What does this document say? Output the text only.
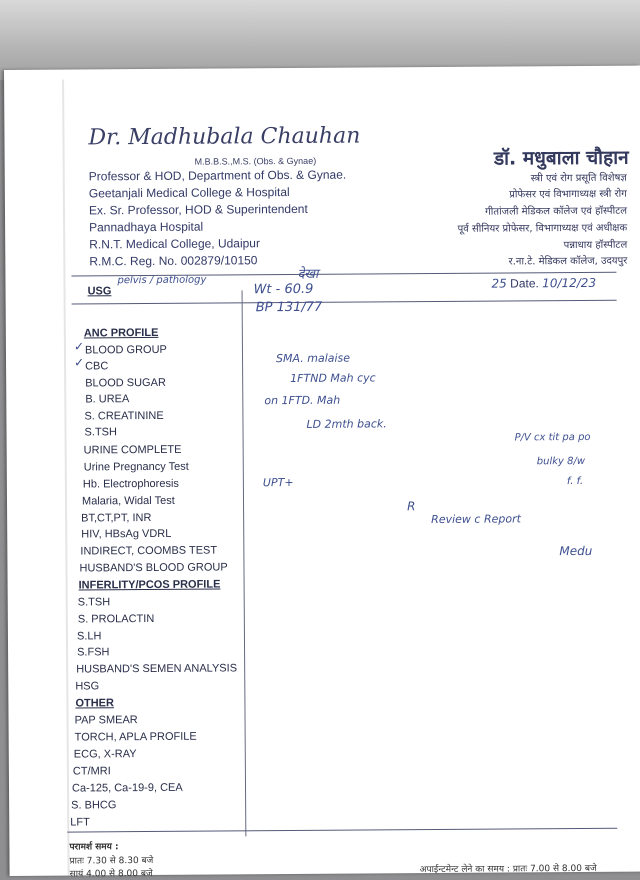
Dr. Madhubala Chauhan
M.B.B.S.,M.S. (Obs. & Gynae)
Professor & HOD, Department of Obs. & Gynae.
Geetanjali Medical College & Hospital
Ex. Sr. Professor, HOD & Superintendent
Pannadhaya Hospital
R.N.T. Medical College, Udaipur
R.M.C. Reg. No. 002879/10150
डॉ. मधुबाला चौहान
स्त्री एवं रोग प्रसूति विशेषज्ञ
प्रोफेसर एवं विभागाध्यक्ष स्त्री रोग
गीतांजली मेडिकल कॉलेज एवं हॉस्पीटल
पूर्व सीनियर प्रोफेसर, विभागाध्यक्ष एवं अधीक्षक
पन्नाधाय हॉस्पीटल
र.ना.टे. मेडिकल कॉलेज, उदयपुर
USG
pelvis / pathology	25 Date. 10/12/23
ANC PROFILE
✓ BLOOD GROUP
✓ CBC
BLOOD SUGAR
B. UREA
S. CREATININE
S.TSH
URINE COMPLETE
Urine Pregnancy Test
Hb. Electrophoresis
Malaria, Widal Test
BT,CT,PT, INR
HIV, HBsAg VDRL
INDIRECT, COOMBS TEST
HUSBAND'S BLOOD GROUP
INFERLITY/PCOS PROFILE
S.TSH
S. PROLACTIN
S.LH
S.FSH
HUSBAND'S SEMEN ANALYSIS
HSG
OTHER
PAP SMEAR
TORCH, APLA PROFILE
ECG, X-RAY
CT/MRI
Ca-125, Ca-19-9, CEA
S. BHCG
LFT
देखा
Wt - 60.9
BP 131/77
SMA. malaise
1FTND Mah cyc
on 1FTD. Mah
LD 2mth back.
UPT+
P/V cx tit pa po
bulky 8/w
f. f.
R
Review c Report
Medu
परामर्श समय :
प्रातः 7.30 से 8.30 बजे
सायं 4.00 से 8.00 बजे	अपाईन्टमेन्ट लेने का समय : प्रातः 7.00 से 8.00 बजे
